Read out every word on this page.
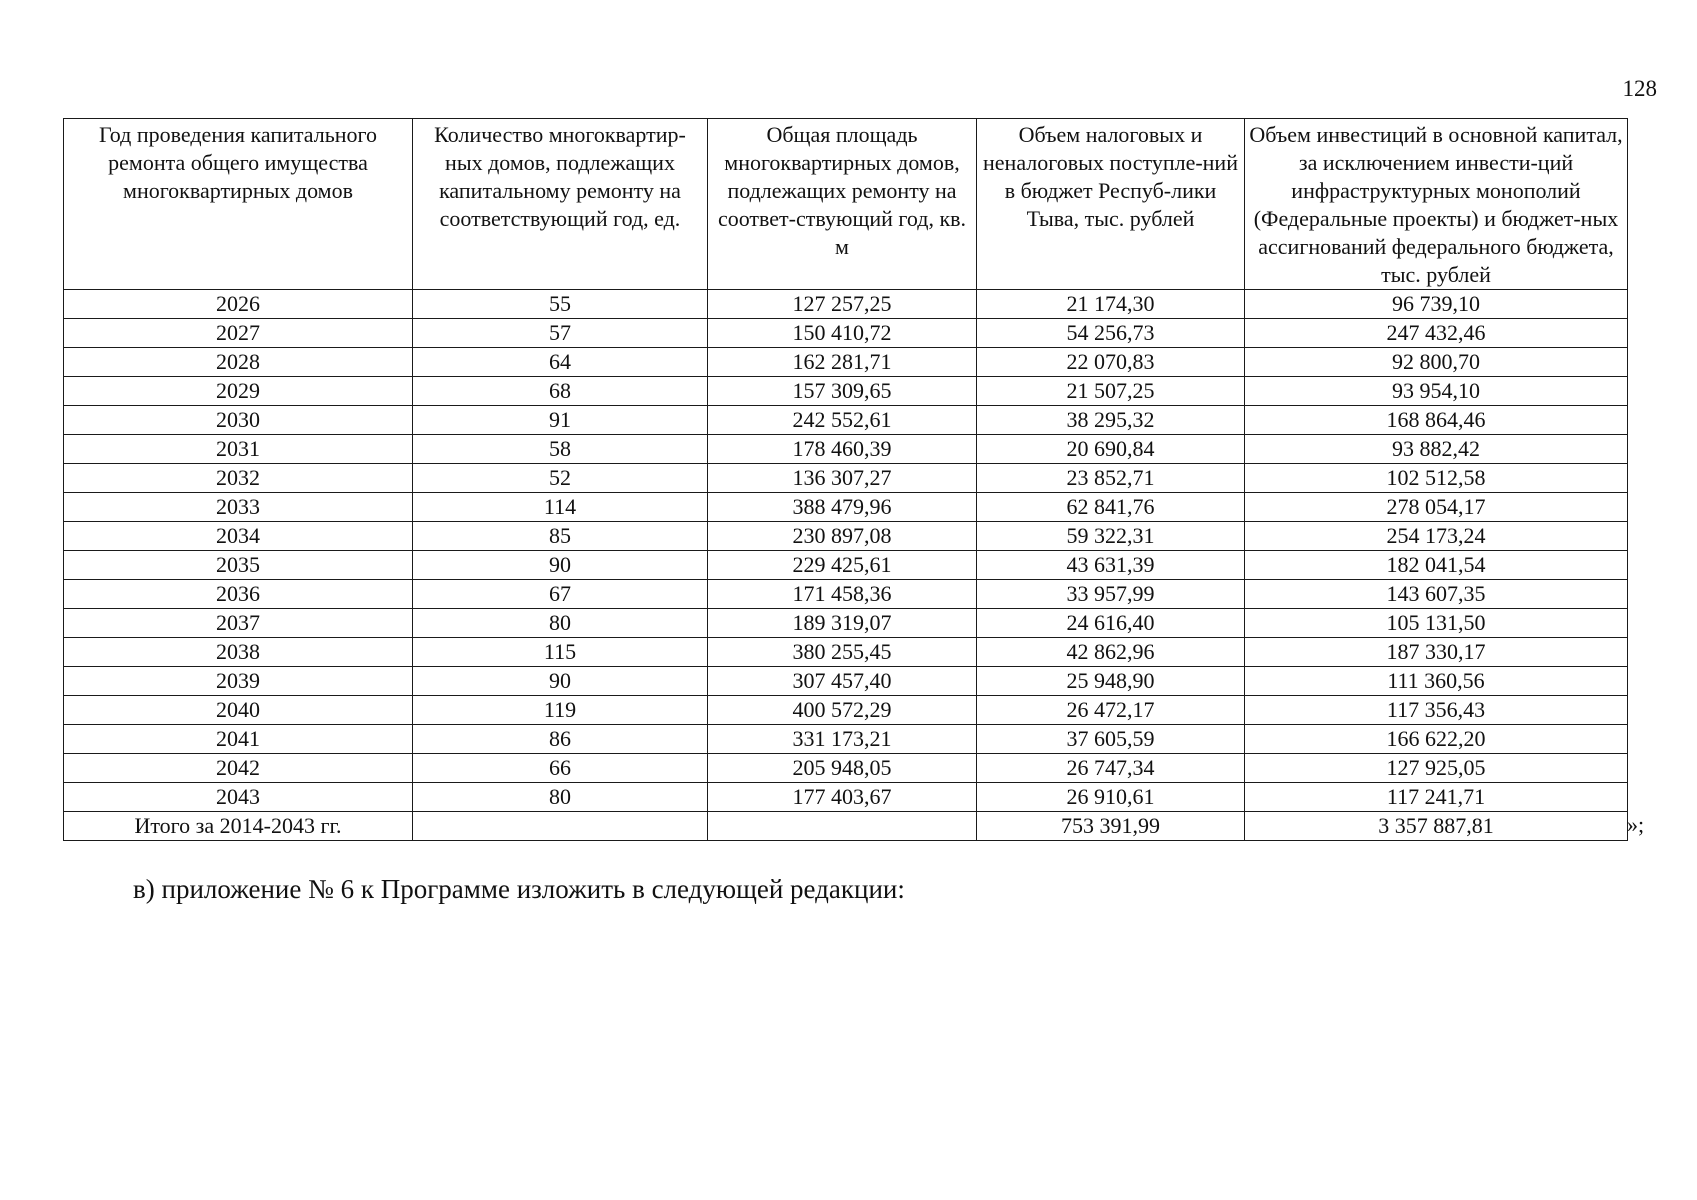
128
Год проведения капитального ремонта общего имущества многоквартирных домов	Количество многоквартир-ных домов, подлежащих капитальному ремонту на соответствующий год, ед.	Общая площадь многоквартирных домов, подлежащих ремонту на соответ-ствующий год, кв. м	Объем налоговых и неналоговых поступле-ний в бюджет Респуб-лики Тыва, тыс. рублей	Объем инвестиций в основной капитал, за исключением инвести-ций инфраструктурных монополий (Федеральные проекты) и бюджет-ных ассигнований федерального бюджета, тыс. рублей
2026	55	127 257,25	21 174,30	96 739,10
2027	57	150 410,72	54 256,73	247 432,46
2028	64	162 281,71	22 070,83	92 800,70
2029	68	157 309,65	21 507,25	93 954,10
2030	91	242 552,61	38 295,32	168 864,46
2031	58	178 460,39	20 690,84	93 882,42
2032	52	136 307,27	23 852,71	102 512,58
2033	114	388 479,96	62 841,76	278 054,17
2034	85	230 897,08	59 322,31	254 173,24
2035	90	229 425,61	43 631,39	182 041,54
2036	67	171 458,36	33 957,99	143 607,35
2037	80	189 319,07	24 616,40	105 131,50
2038	115	380 255,45	42 862,96	187 330,17
2039	90	307 457,40	25 948,90	111 360,56
2040	119	400 572,29	26 472,17	117 356,43
2041	86	331 173,21	37 605,59	166 622,20
2042	66	205 948,05	26 747,34	127 925,05
2043	80	177 403,67	26 910,61	117 241,71
Итого за 2014-2043 гг.			753 391,99	3 357 887,81	»;
в) приложение № 6 к Программе изложить в следующей редакции:
